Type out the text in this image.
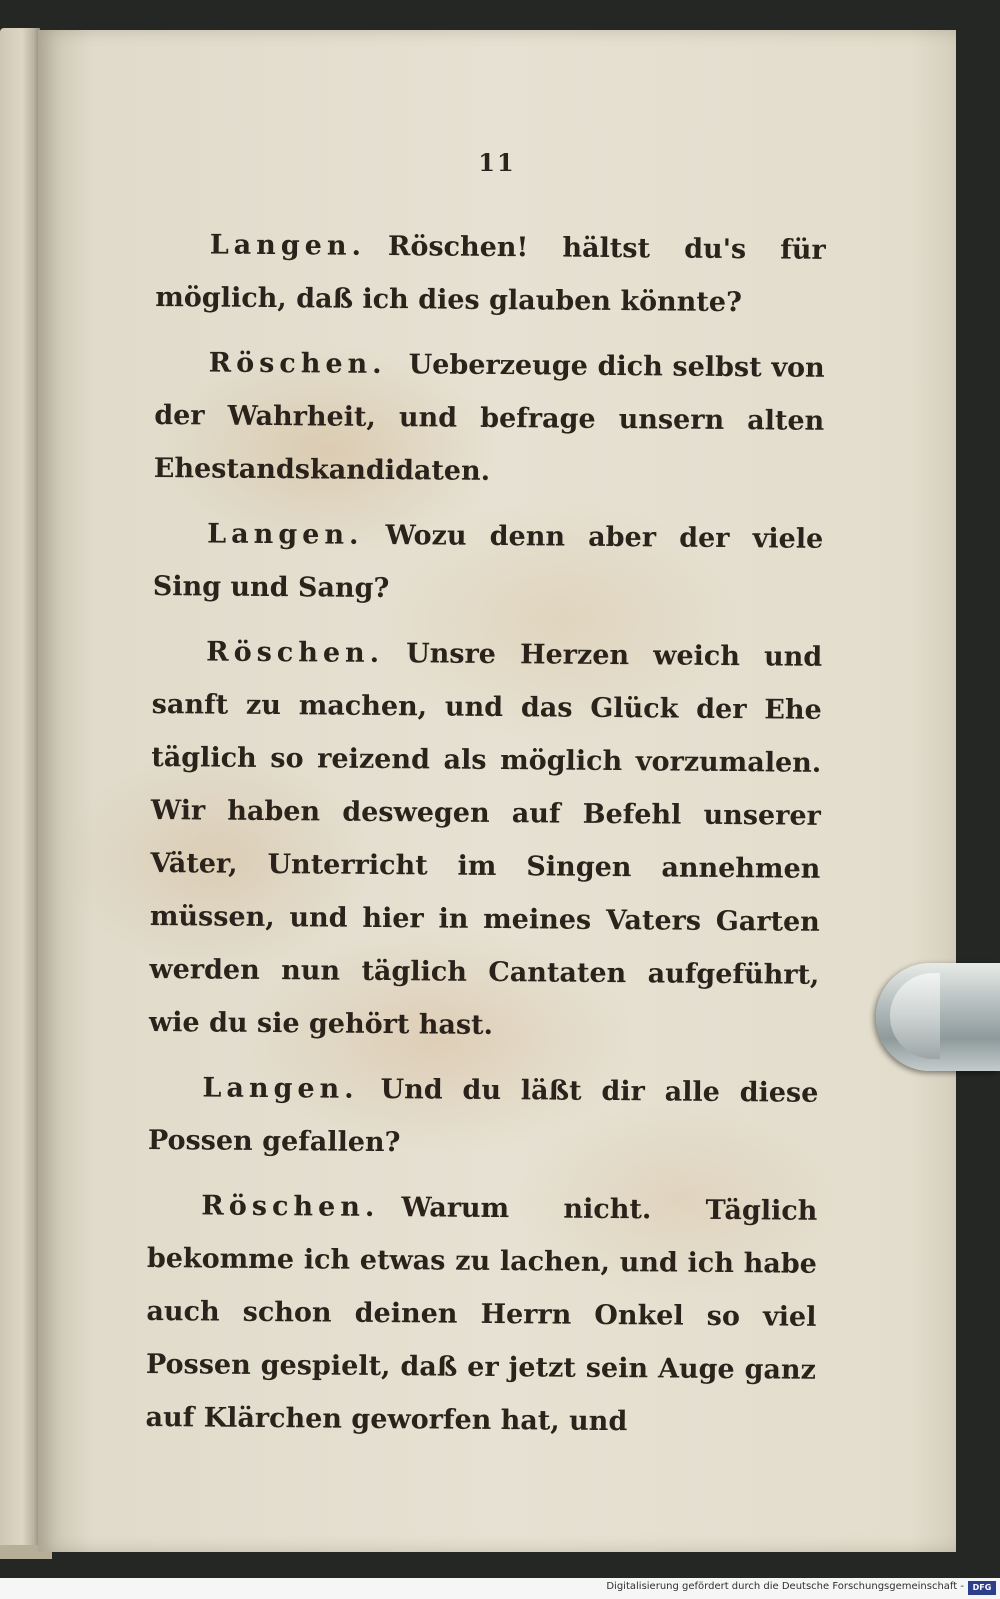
11

Langen. Röschen! hältst du's für möglich, daß ich dies glauben könnte?

Röschen. Ueberzeuge dich selbst von der Wahrheit, und befrage unsern alten Ehestandskandidaten.

Langen. Wozu denn aber der viele Sing und Sang?

Röschen. Unsre Herzen weich und sanft zu machen, und das Glück der Ehe täglich so reizend als möglich vorzumalen. Wir haben deswegen auf Befehl unserer Väter, Unterricht im Singen annehmen müssen, und hier in meines Vaters Garten werden nun täglich Cantaten aufgeführt, wie du sie gehört hast.

Langen. Und du läßt dir alle diese Possen gefallen?

Röschen. Warum nicht. Täglich bekomme ich etwas zu lachen, und ich habe auch schon deinen Herrn Onkel so viel Possen gespielt, daß er jetzt sein Auge ganz auf Klärchen geworfen hat, und

Digitalisierung gefördert durch die Deutsche Forschungsgemeinschaft -	DFG
